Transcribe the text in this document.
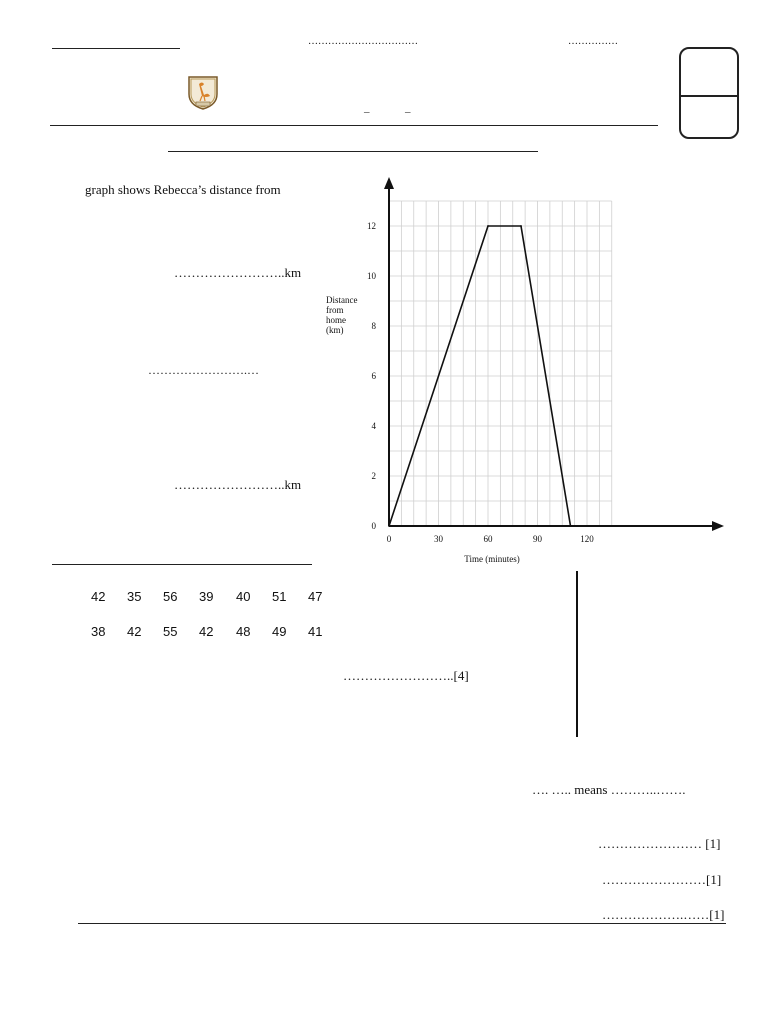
……………………………	……………
–	–
graph shows Rebecca’s distance from
……………………..km
…………………….…
……………………..km
0	30	60	90	120
0
2
4
6
8
10
12
Time (minutes)
Distance
from
home
(km)
42	35	56	39	40	51	47
38	42	55	42	48	49	41
……………………..[4]
…. ….. means ………..…….
…………………… [1]
……………………[1]
……………….……[1]
